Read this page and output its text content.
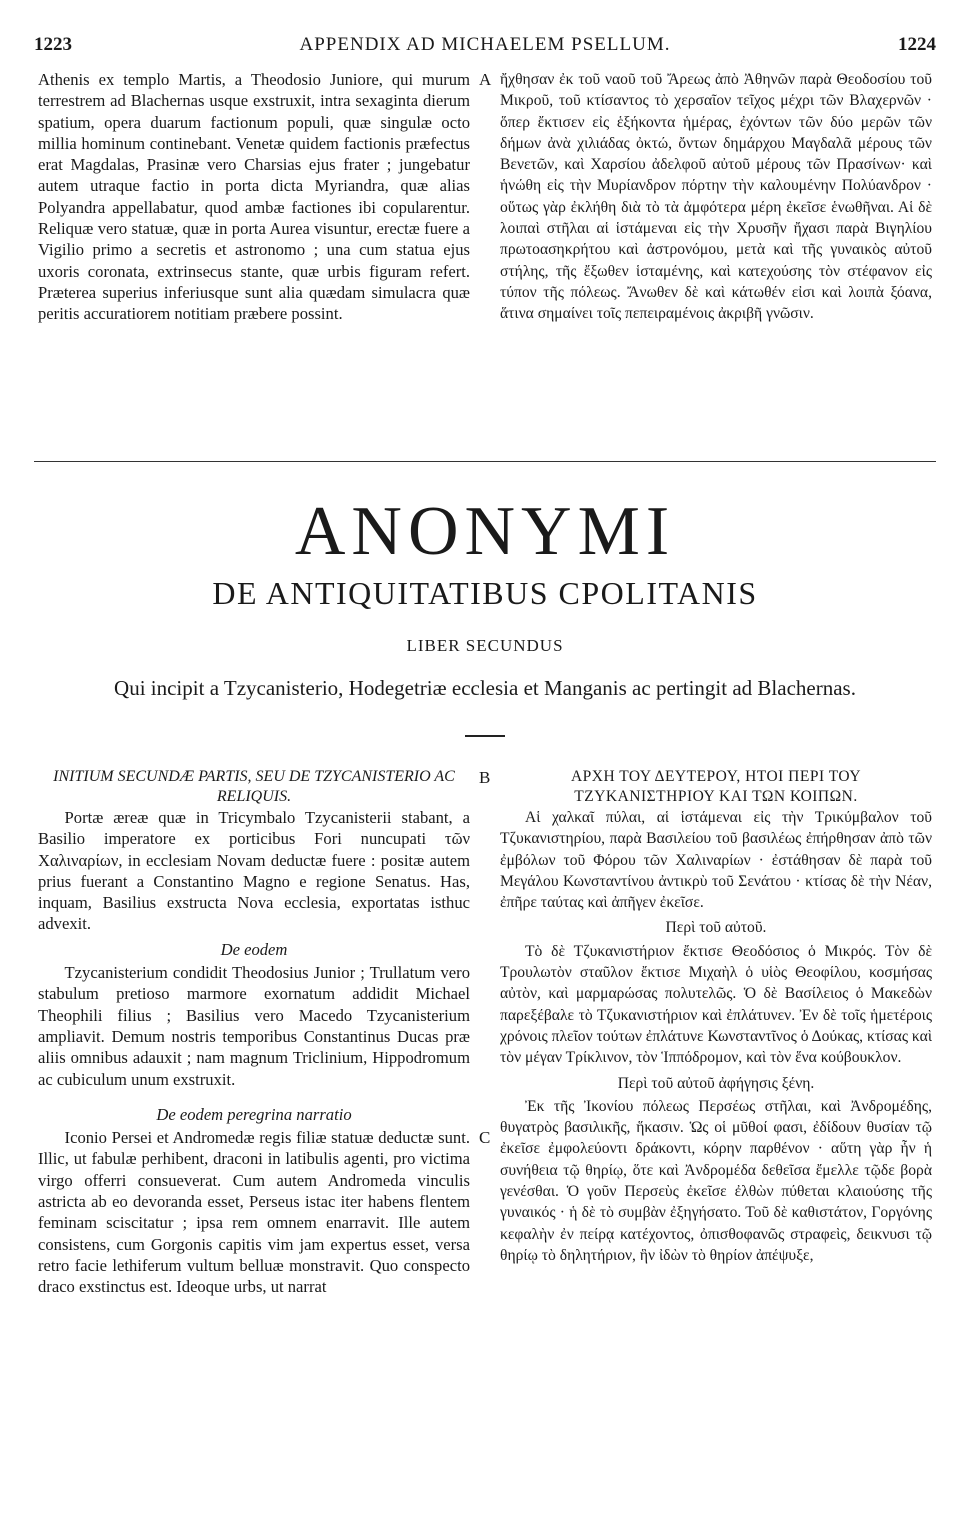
1223	APPENDIX AD MICHAELEM PSELLUM.	1224

Athenis ex templo Martis, a Theodosio Juniore, qui murum terrestrem ad Blachernas usque exstruxit, intra sexaginta dierum spatium, opera duarum factionum populi, quæ singulæ octo millia hominum continebant. Venetæ quidem factionis præfectus erat Magdalas, Prasinæ vero Charsias ejus frater ; jungebatur autem utraque factio in porta dicta Myriandra, quæ alias Polyandra appellabatur, quod ambæ factiones ibi copularentur. Reliquæ vero statuæ, quæ in porta Aurea visuntur, erectæ fuere a Vigilio primo a secretis et astronomo ; una cum statua ejus uxoris coronata, extrinsecus stante, quæ urbis figuram refert. Præterea superius inferiusque sunt alia quædam simulacra quæ peritis accuratiorem notitiam præbere possint.

A ἤχθησαν ἐκ τοῦ ναοῦ τοῦ Ἄρεως ἀπὸ Ἀθηνῶν παρὰ Θεοδοσίου τοῦ Μικροῦ, τοῦ κτίσαντος τὸ χερσαῖον τεῖχος μέχρι τῶν Βλαχερνῶν · ὅπερ ἔκτισεν εἰς ἑξήκοντα ἡμέρας, ἐχόντων τῶν δύο μερῶν τῶν δήμων ἀνὰ χιλιάδας ὀκτώ, ὄντων δημάρχου Μαγδαλᾶ μέρους τῶν Βενετῶν, καὶ Χαρσίου ἀδελφοῦ αὐτοῦ μέρους τῶν Πρασίνων· καὶ ἡνώθη εἰς τὴν Μυρίανδρον πόρτην τὴν καλουμένην Πολύανδρον · οὕτως γὰρ ἐκλήθη διὰ τὸ τὰ ἀμφότερα μέρη ἐκεῖσε ἑνωθῆναι. Αἱ δὲ λοιπαὶ στῆλαι αἱ ἱστάμεναι εἰς τὴν Χρυσῆν ἤχασι παρὰ Βιγηλίου πρωτοασηκρήτου καὶ ἀστρονόμου, μετὰ καὶ τῆς γυναικὸς αὐτοῦ στήλης, τῆς ἔξωθεν ἱσταμένης, καὶ κατεχούσης τὸν στέφανον εἰς τύπον τῆς πόλεως. Ἄνωθεν δὲ καὶ κάτωθέν εἰσι καὶ λοιπὰ ξόανα, ἅτινα σημαίνει τοῖς πεπειραμένοις ἀκριβῆ γνῶσιν.

ANONYMI
DE ANTIQUITATIBUS CPOLITANIS
LIBER SECUNDUS
Qui incipit a Tzycanisterio, Hodegetriæ ecclesia et Manganis ac pertingit ad Blachernas.

INITIUM SECUNDÆ PARTIS, SEU DE TZYCANISTERIO AC RELIQUIS.

Portæ æreæ quæ in Tricymbalo Tzycanisterii stabant, a Basilio imperatore ex porticibus Fori nuncupati τῶν Χαλιναρίων, in ecclesiam Novam deductæ fuere : positæ autem prius fuerant a Constantino Magno e regione Senatus. Has, inquam, Basilius exstructa Nova ecclesia, exportatas isthuc advexit.

De eodem

Tzycanisterium condidit Theodosius Junior ; Trullatum vero stabulum pretioso marmore exornatum addidit Michael Theophili filius ; Basilius vero Macedo Tzycanisterium ampliavit. Demum nostris temporibus Constantinus Ducas præ aliis omnibus adauxit ; nam magnum Triclinium, Hippodromum ac cubiculum unum exstruxit.

De eodem peregrina narratio

Iconio Persei et Andromedæ regis filiæ statuæ deductæ sunt. Illic, ut fabulæ perhibent, draconi in latibulis agenti, pro victima virgo offerri consueverat. Cum autem Andromeda vinculis astricta ab eo devoranda esset, Perseus istac iter habens flentem feminam sciscitatur ; ipsa rem omnem enarravit. Ille autem consistens, cum Gorgonis capitis vim jam expertus esset, versa retro facie lethiferum vultum belluæ monstravit. Quo conspecto draco exstinctus est. Ideoque urbs, ut narrat

B
C

ΑΡΧΗ ΤΟΥ ΔΕΥΤΕΡΟΥ, ΗΤΟΙ ΠΕΡΙ ΤΟΥ ΤΖΥΚΑΝΙΣΤΗΡΙΟΥ ΚΑΙ ΤΩΝ ΚΟΙΠΩΝ.

Αἱ χαλκαῖ πύλαι, αἱ ἱστάμεναι εἰς τὴν Τρικύμβαλον τοῦ Τζυκανιστηρίου, παρὰ Βασιλείου τοῦ βασιλέως ἐπήρθησαν ἀπὸ τῶν ἐμβόλων τοῦ Φόρου τῶν Χαλιναρίων · ἐστάθησαν δὲ παρὰ τοῦ Μεγάλου Κωνσταντίνου ἀντικρὺ τοῦ Σενάτου · κτίσας δὲ τὴν Νέαν, ἐπῆρε ταύτας καὶ ἀπῆγεν ἐκεῖσε.

Περὶ τοῦ αὐτοῦ.

Τὸ δὲ Τζυκανιστήριον ἔκτισε Θεοδόσιος ὁ Μικρός. Τὸν δὲ Τρουλωτὸν σταῦλον ἔκτισε Μιχαὴλ ὁ υἱὸς Θεοφίλου, κοσμήσας αὐτὸν, καὶ μαρμαρώσας πολυτελῶς. Ὁ δὲ Βασίλειος ὁ Μακεδὼν παρεξέβαλε τὸ Τζυκανιστήριον καὶ ἐπλάτυνεν. Ἐν δὲ τοῖς ἡμετέροις χρόνοις πλεῖον τούτων ἐπλάτυνε Κωνσταντῖνος ὁ Δούκας, κτίσας καὶ τὸν μέγαν Τρίκλινον, τὸν Ἱππόδρομον, καὶ τὸν ἕνα κούβουκλον.

Περὶ τοῦ αὐτοῦ ἀφήγησις ξένη.

Ἐκ τῆς Ἰκονίου πόλεως Περσέως στῆλαι, καὶ Ἀνδρομέδης, θυγατρὸς βασιλικῆς, ἥκασιν. Ὡς οἱ μῦθοί φασι, ἐδίδουν θυσίαν τῷ ἐκεῖσε ἐμφολεύοντι δράκοντι, κόρην παρθένον · αὕτη γὰρ ἦν ἡ συνήθεια τῷ θηρίῳ, ὅτε καὶ Ἀνδρομέδα δεθεῖσα ἔμελλε τῷδε βορὰ γενέσθαι. Ὁ γοῦν Περσεὺς ἐκεῖσε ἐλθὼν πύθεται κλαιούσης τῆς γυναικός · ἡ δὲ τὸ συμβὰν ἐξηγήσατο. Τοῦ δὲ καθιστάτον, Γοργόνης κεφαλὴν ἐν πείρᾳ κατέχοντος, ὀπισθοφανῶς στραφεὶς, δεικνυσι τῷ θηρίῳ τὸ δηλητήριον, ἣν ἰδὼν τὸ θηρίον ἀπέψυξε,
